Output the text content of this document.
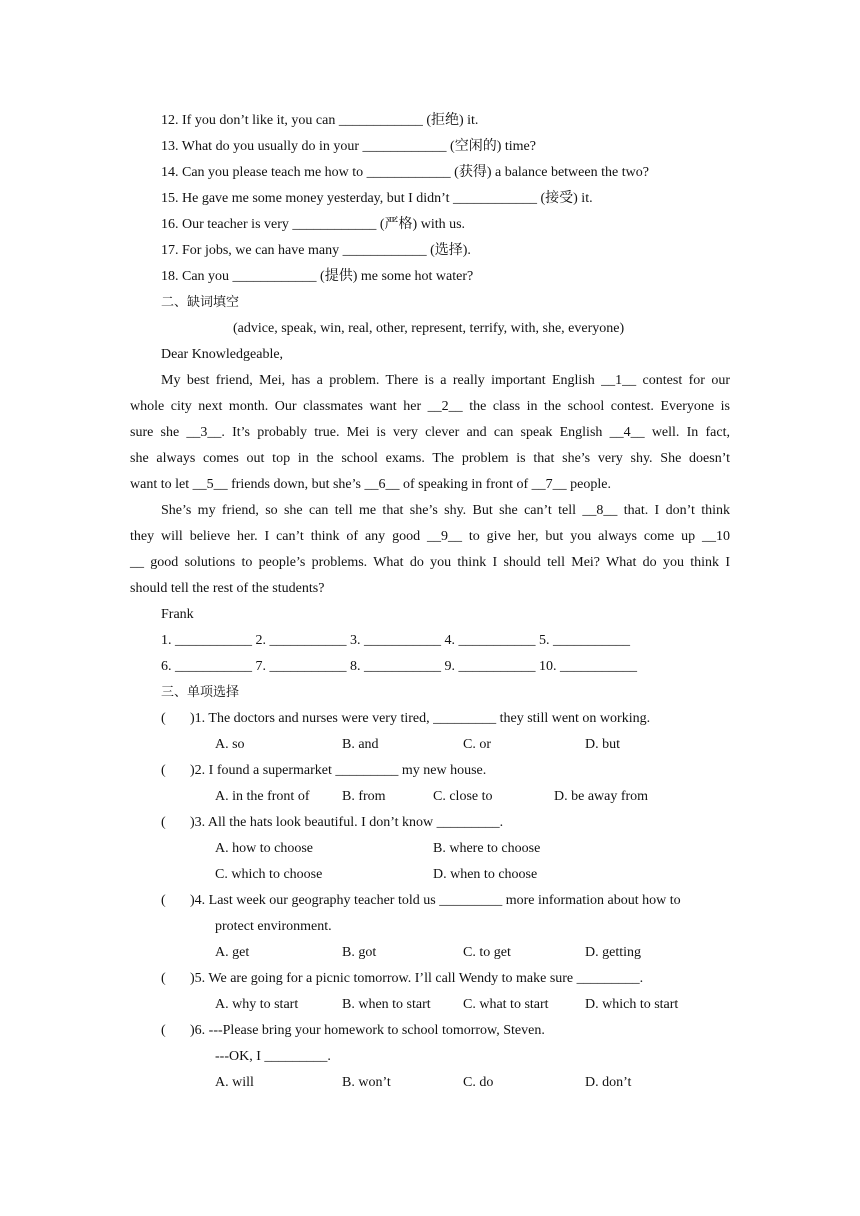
12. If you don’t like it, you can ____________ (拒绝) it.
13. What do you usually do in your ____________ (空闲的) time?
14. Can you please teach me how to ____________ (获得) a balance between the two?
15. He gave me some money yesterday, but I didn’t ____________ (接受) it.
16. Our teacher is very ____________ (严格) with us.
17. For jobs, we can have many ____________ (选择).
18. Can you ____________ (提供) me some hot water?
二、缺词填空
(advice, speak, win, real, other, represent, terrify, with, she, everyone)
Dear Knowledgeable,
My best friend, Mei, has a problem. There is a really important English __1__ contest for our
whole city next month. Our classmates want her __2__ the class in the school contest. Everyone is
sure she __3__. It’s probably true. Mei is very clever and can speak English __4__ well. In fact,
she always comes out top in the school exams. The problem is that she’s very shy. She doesn’t
want to let __5__ friends down, but she’s __6__ of speaking in front of __7__ people.
She’s my friend, so she can tell me that she’s shy. But she can’t tell __8__ that. I don’t think
they will believe her. I can’t think of any good __9__ to give her, but you always come up __10
__ good solutions to people’s problems. What do you think I should tell Mei? What do you think I
should tell the rest of the students?
Frank
1. ___________ 2. ___________ 3. ___________ 4. ___________ 5. ___________
6. ___________ 7. ___________ 8. ___________ 9. ___________ 10. ___________
三、单项选择
( )1. The doctors and nurses were very tired, _________ they still went on working.
A. so	B. and	C. or	D. but
( )2. I found a supermarket _________ my new house.
A. in the front of B. from	C. close to	D. be away from
( )3. All the hats look beautiful. I don’t know _________.
A. how to choose	B. where to choose
C. which to choose	D. when to choose
( )4. Last week our geography teacher told us _________ more information about how to
protect environment.
A. get	B. got	C. to get	D. getting
( )5. We are going for a picnic tomorrow. I’ll call Wendy to make sure _________.
A. why to start	B. when to start C. what to start	D. which to start
( )6. ---Please bring your homework to school tomorrow, Steven.
---OK, I _________.
A. will	B. won’t	C. do	D. don’t
